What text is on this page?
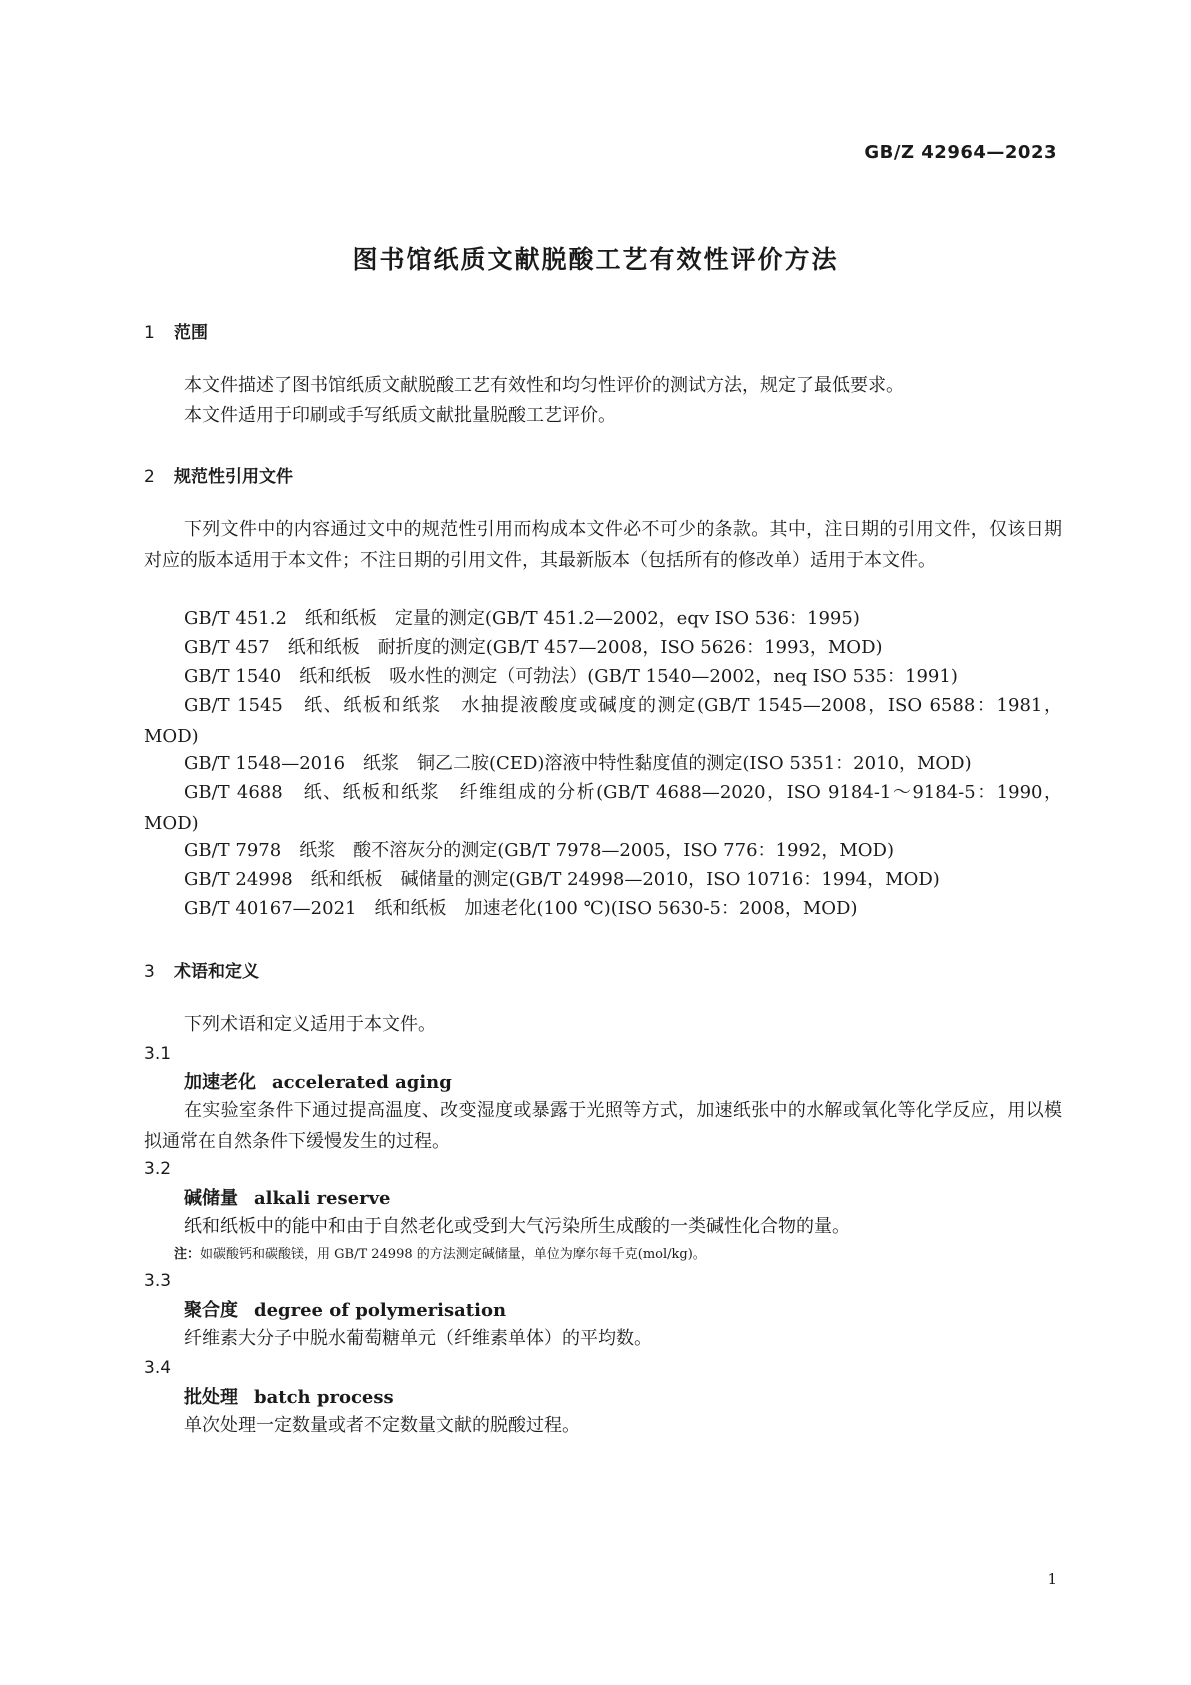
GB/Z 42964—2023
图书馆纸质文献脱酸工艺有效性评价方法
1 范围
本文件描述了图书馆纸质文献脱酸工艺有效性和均匀性评价的测试方法，规定了最低要求。
本文件适用于印刷或手写纸质文献批量脱酸工艺评价。
2 规范性引用文件
下列文件中的内容通过文中的规范性引用而构成本文件必不可少的条款。其中，注日期的引用文件，仅该日期对应的版本适用于本文件；不注日期的引用文件，其最新版本（包括所有的修改单）适用于本文件。
GB/T 451.2　纸和纸板　定量的测定(GB/T 451.2—2002，eqv ISO 536：1995)
GB/T 457　纸和纸板　耐折度的测定(GB/T 457—2008，ISO 5626：1993，MOD)
GB/T 1540　纸和纸板　吸水性的测定（可勃法）(GB/T 1540—2002，neq ISO 535：1991)
GB/T 1545　纸、纸板和纸浆　水抽提液酸度或碱度的测定(GB/T 1545—2008，ISO 6588：1981，MOD)
GB/T 1548—2016　纸浆　铜乙二胺(CED)溶液中特性黏度值的测定(ISO 5351：2010，MOD)
GB/T 4688　纸、纸板和纸浆　纤维组成的分析(GB/T 4688—2020，ISO 9184-1～9184-5：1990，MOD)
GB/T 7978　纸浆　酸不溶灰分的测定(GB/T 7978—2005，ISO 776：1992，MOD)
GB/T 24998　纸和纸板　碱储量的测定(GB/T 24998—2010，ISO 10716：1994，MOD)
GB/T 40167—2021　纸和纸板　加速老化(100 ℃)(ISO 5630-5：2008，MOD)
3 术语和定义
下列术语和定义适用于本文件。
3.1
加速老化 accelerated aging
在实验室条件下通过提高温度、改变湿度或暴露于光照等方式，加速纸张中的水解或氧化等化学反应，用以模拟通常在自然条件下缓慢发生的过程。
3.2
碱储量 alkali reserve
纸和纸板中的能中和由于自然老化或受到大气污染所生成酸的一类碱性化合物的量。
注：如碳酸钙和碳酸镁，用 GB/T 24998 的方法测定碱储量，单位为摩尔每千克(mol/kg)。
3.3
聚合度 degree of polymerisation
纤维素大分子中脱水葡萄糖单元（纤维素单体）的平均数。
3.4
批处理 batch process
单次处理一定数量或者不定数量文献的脱酸过程。
1
